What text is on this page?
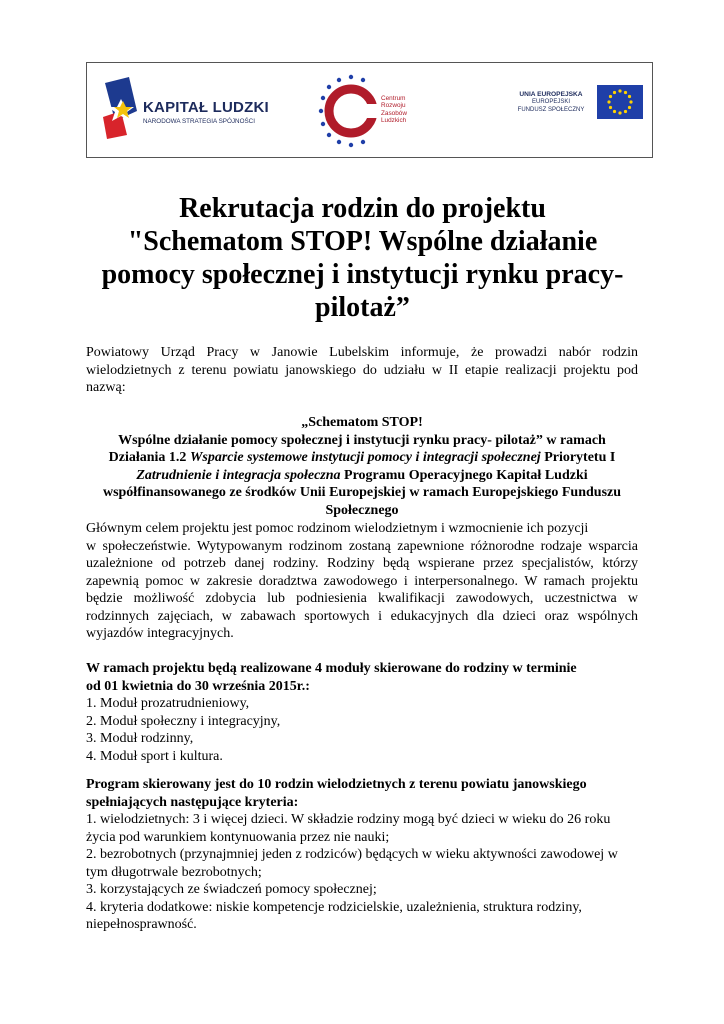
KAPITAŁ LUDZKI
NARODOWA STRATEGIA SPÓJNOŚCI
Centrum
Rozwoju
Zasobów
Ludzkich
UNIA EUROPEJSKA
EUROPEJSKI
FUNDUSZ SPOŁECZNY
Rekrutacja rodzin do projektu
"Schematom STOP! Wspólne działanie
pomocy społecznej i instytucji rynku pracy-
pilotaż”
Powiatowy Urząd Pracy w Janowie Lubelskim informuje, że prowadzi nabór rodzin wielodzietnych z terenu powiatu janowskiego do udziału w II etapie realizacji projektu pod nazwą:
„Schematom STOP!
Wspólne działanie pomocy społecznej i instytucji rynku pracy- pilotaż” w ramach
Działania 1.2 Wsparcie systemowe instytucji pomocy i integracji społecznej Priorytetu I
Zatrudnienie i integracja społeczna Programu Operacyjnego Kapitał Ludzki
współfinansowanego ze środków Unii Europejskiej w ramach Europejskiego Funduszu
Społecznego
Głównym celem projektu jest pomoc rodzinom wielodzietnym i wzmocnienie ich pozycji
w społeczeństwie. Wytypowanym rodzinom zostaną zapewnione różnorodne rodzaje wsparcia uzależnione od potrzeb danej rodziny. Rodziny będą wspierane przez specjalistów, którzy zapewnią pomoc w zakresie doradztwa zawodowego i interpersonalnego. W ramach projektu będzie możliwość zdobycia lub podniesienia kwalifikacji zawodowych, uczestnictwa w rodzinnych zajęciach, w zabawach sportowych i edukacyjnych dla dzieci oraz wspólnych wyjazdów integracyjnych.
W ramach projektu będą realizowane 4 moduły skierowane do rodziny w terminie
od 01 kwietnia do 30 września 2015r.:
1. Moduł prozatrudnieniowy,
2. Moduł społeczny i integracyjny,
3. Moduł rodzinny,
4. Moduł sport i kultura.
Program skierowany jest do 10 rodzin wielodzietnych z terenu powiatu janowskiego
spełniających następujące kryteria:
1. wielodzietnych: 3 i więcej dzieci. W składzie rodziny mogą być dzieci w wieku do 26 roku życia pod warunkiem kontynuowania przez nie nauki;
2. bezrobotnych (przynajmniej jeden z rodziców) będących w wieku aktywności zawodowej w tym długotrwale bezrobotnych;
3. korzystających ze świadczeń pomocy społecznej;
4. kryteria dodatkowe: niskie kompetencje rodzicielskie, uzależnienia, struktura rodziny, niepełnosprawność.
